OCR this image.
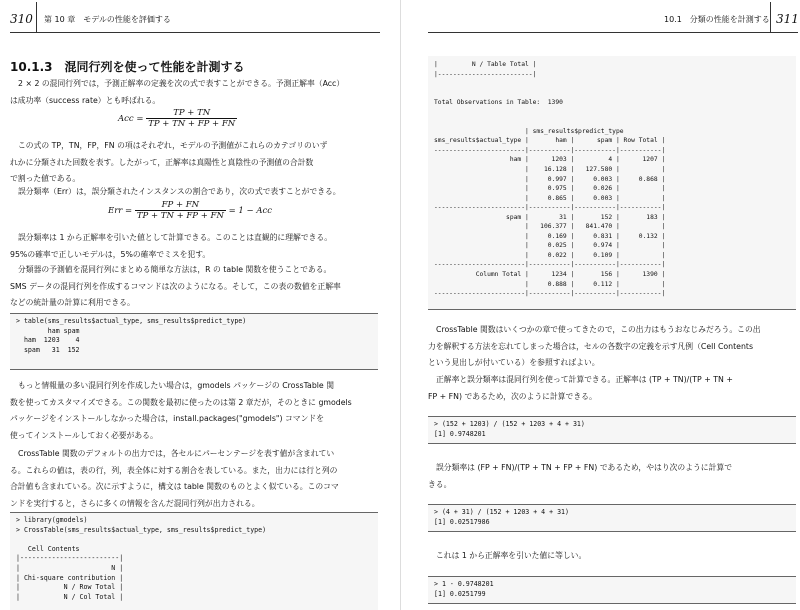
310 第 10 章　モデルの性能を評価する
10.1.3　混同行列を使って性能を計測する
2 × 2 の混同行列では，予測正解率の定義を次の式で表すことができる。予測正解率（Acc）
は成功率（success rate）とも呼ばれる。
Acc = $\frac{TP + TN}{TP + TN + FP + FN}$
この式の TP，TN，FP，FN の項はそれぞれ，モデルの予測値がこれらのカテゴリのいず
れかに分類された回数を表す。したがって，正解率は真陽性と真陰性の予測値の合計数
で割った値である。
誤分類率（Err）は，誤分類されたインスタンスの割合であり，次の式で表すことができる。
Err = $\frac{FP + FN}{TP + TN + FP + FN} = 1$ − Acc
誤分類率は 1 から正解率を引いた値として計算できる。このことは直観的に理解できる。
95%の確率で正しいモデルは，5%の確率でミスを犯す。
分類器の予測値を混同行列にまとめる簡単な方法は，R の table 関数を使うことである。
SMS データの混同行列を作成するコマンドは次のようになる。そして，この表の数値を正解率
などの統計量の計算に利用できる。
> table(sms_results$actual_type, sms_results$predict_type)
ham spam
ham  1203    4
spam   31  152
もっと情報量の多い混同行列を作成したい場合は，gmodels パッケージの CrossTable 関
数を使ってカスタマイズできる。この関数を最初に使ったのは第 2 章だが，そのときに gmodels
パッケージをインストールしなかった場合は，install.packages("gmodels") コマンドを
使ってインストールしておく必要がある。
CrossTable 関数のデフォルトの出力では，各セルにパーセンテージを表す値が含まれてい
る。これらの値は，表の行，列，表全体に対する割合を表している。また，出力には行と列の
合計値も含まれている。次に示すように，構文は table 関数のものとよく似ている。このコマ
ンドを実行すると，さらに多くの情報を含んだ混同行列が出力される。
> library(gmodels)
> CrossTable(sms_results$actual_type, sms_results$predict_type)

Cell Contents
|-------------------------|
|                       N |
| Chi-square contribution |
|           N / Row Total |
|           N / Col Total |
10.1　分類の性能を計測する 311
|         N / Table Total |
|-------------------------|

Total Observations in Table:  1390

| sms_results$predict_type
sms_results$actual_type |       ham |      spam | Row Total |
------------------------|-----------|-----------|-----------|
ham |      1203 |         4 |      1207 |
|    16.128 |   127.580 |           |
|     0.997 |     0.003 |     0.868 |
|     0.975 |     0.026 |           |
|     0.865 |     0.003 |           |
------------------------|-----------|-----------|-----------|
spam |        31 |       152 |       183 |
|   106.377 |   841.470 |           |
|     0.169 |     0.831 |     0.132 |
|     0.025 |     0.974 |           |
|     0.022 |     0.109 |           |
------------------------|-----------|-----------|-----------|
Column Total |      1234 |       156 |      1390 |
|     0.888 |     0.112 |           |
------------------------|-----------|-----------|-----------|
CrossTable 関数はいくつかの章で使ってきたので，この出力はもうおなじみだろう。この出
力を解釈する方法を忘れてしまった場合は，セルの各数字の定義を示す凡例（Cell Contents
という見出しが付いている）を参照すればよい。
正解率と誤分類率は混同行列を使って計算できる。正解率は (TP + TN)/(TP + TN +
FP + FN) であるため，次のように計算できる。
> (152 + 1203) / (152 + 1203 + 4 + 31)
[1] 0.9748201
誤分類率は (FP + FN)/(TP + TN + FP + FN) であるため，やはり次のように計算で
きる。
> (4 + 31) / (152 + 1203 + 4 + 31)
[1] 0.02517986
これは 1 から正解率を引いた値に等しい。
> 1 - 0.9748201
[1] 0.0251799
